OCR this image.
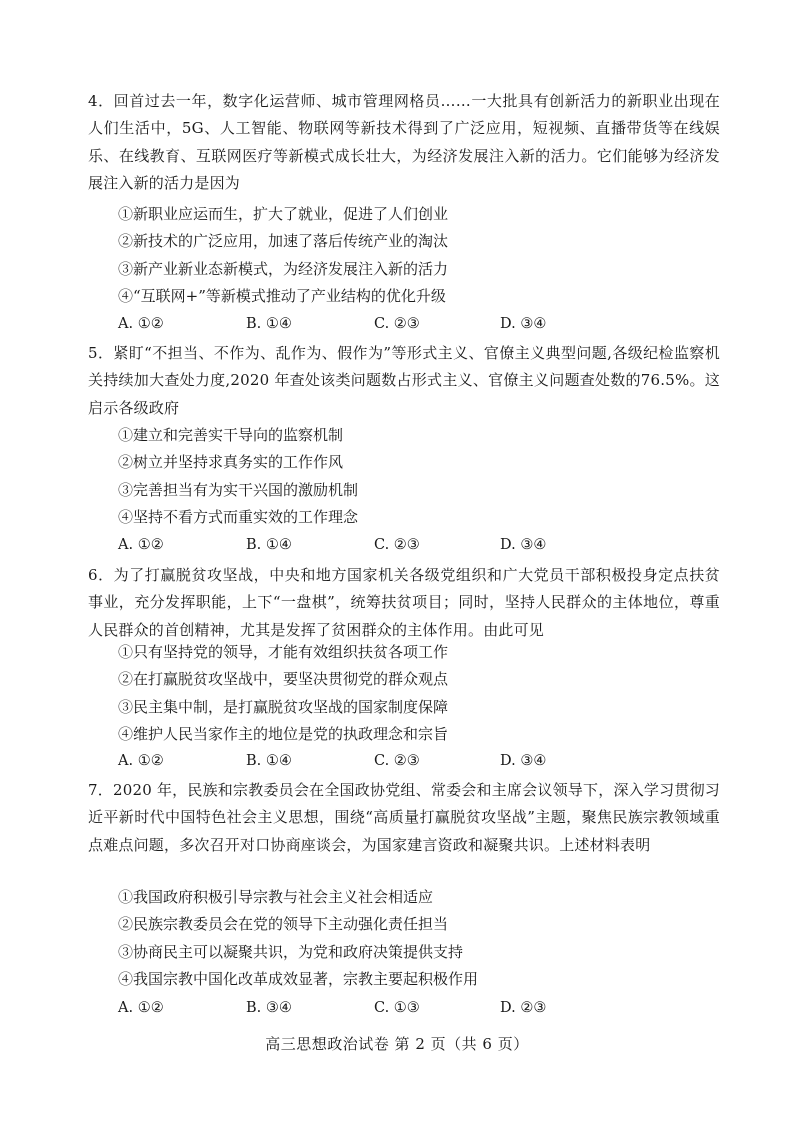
4．回首过去一年，数字化运营师、城市管理网格员……一大批具有创新活力的新职业出现在人们生活中，5G、人工智能、物联网等新技术得到了广泛应用，短视频、直播带货等在线娱乐、在线教育、互联网医疗等新模式成长壮大，为经济发展注入新的活力。它们能够为经济发展注入新的活力是因为

①新职业应运而生，扩大了就业，促进了人们创业

②新技术的广泛应用，加速了落后传统产业的淘汰

③新产业新业态新模式，为经济发展注入新的活力

④“互联网+”等新模式推动了产业结构的优化升级

A. ①②	B. ①④	C. ②③	D. ③④

5．紧盯“不担当、不作为、乱作为、假作为”等形式主义、官僚主义典型问题,各级纪检监察机关持续加大查处力度,2020 年查处该类问题数占形式主义、官僚主义问题查处数的76.5%。这启示各级政府

①建立和完善实干导向的监察机制

②树立并坚持求真务实的工作作风

③完善担当有为实干兴国的激励机制

④坚持不看方式而重实效的工作理念

A. ①②	B. ①④	C. ②③	D. ③④

6．为了打赢脱贫攻坚战，中央和地方国家机关各级党组织和广大党员干部积极投身定点扶贫事业，充分发挥职能，上下“一盘棋”，统筹扶贫项目；同时，坚持人民群众的主体地位，尊重人民群众的首创精神，尤其是发挥了贫困群众的主体作用。由此可见

①只有坚持党的领导，才能有效组织扶贫各项工作

②在打赢脱贫攻坚战中，要坚决贯彻党的群众观点

③民主集中制，是打赢脱贫攻坚战的国家制度保障

④维护人民当家作主的地位是党的执政理念和宗旨

A. ①②	B. ①④	C. ②③	D. ③④

7．2020 年，民族和宗教委员会在全国政协党组、常委会和主席会议领导下，深入学习贯彻习近平新时代中国特色社会主义思想，围绕“高质量打赢脱贫攻坚战”主题，聚焦民族宗教领域重点难点问题，多次召开对口协商座谈会，为国家建言资政和凝聚共识。上述材料表明

①我国政府积极引导宗教与社会主义社会相适应

②民族宗教委员会在党的领导下主动强化责任担当

③协商民主可以凝聚共识，为党和政府决策提供支持

④我国宗教中国化改革成效显著，宗教主要起积极作用

A. ①②	B. ③④	C. ①③	D. ②③
高三思想政治试卷 第 2 页（共 6 页）
